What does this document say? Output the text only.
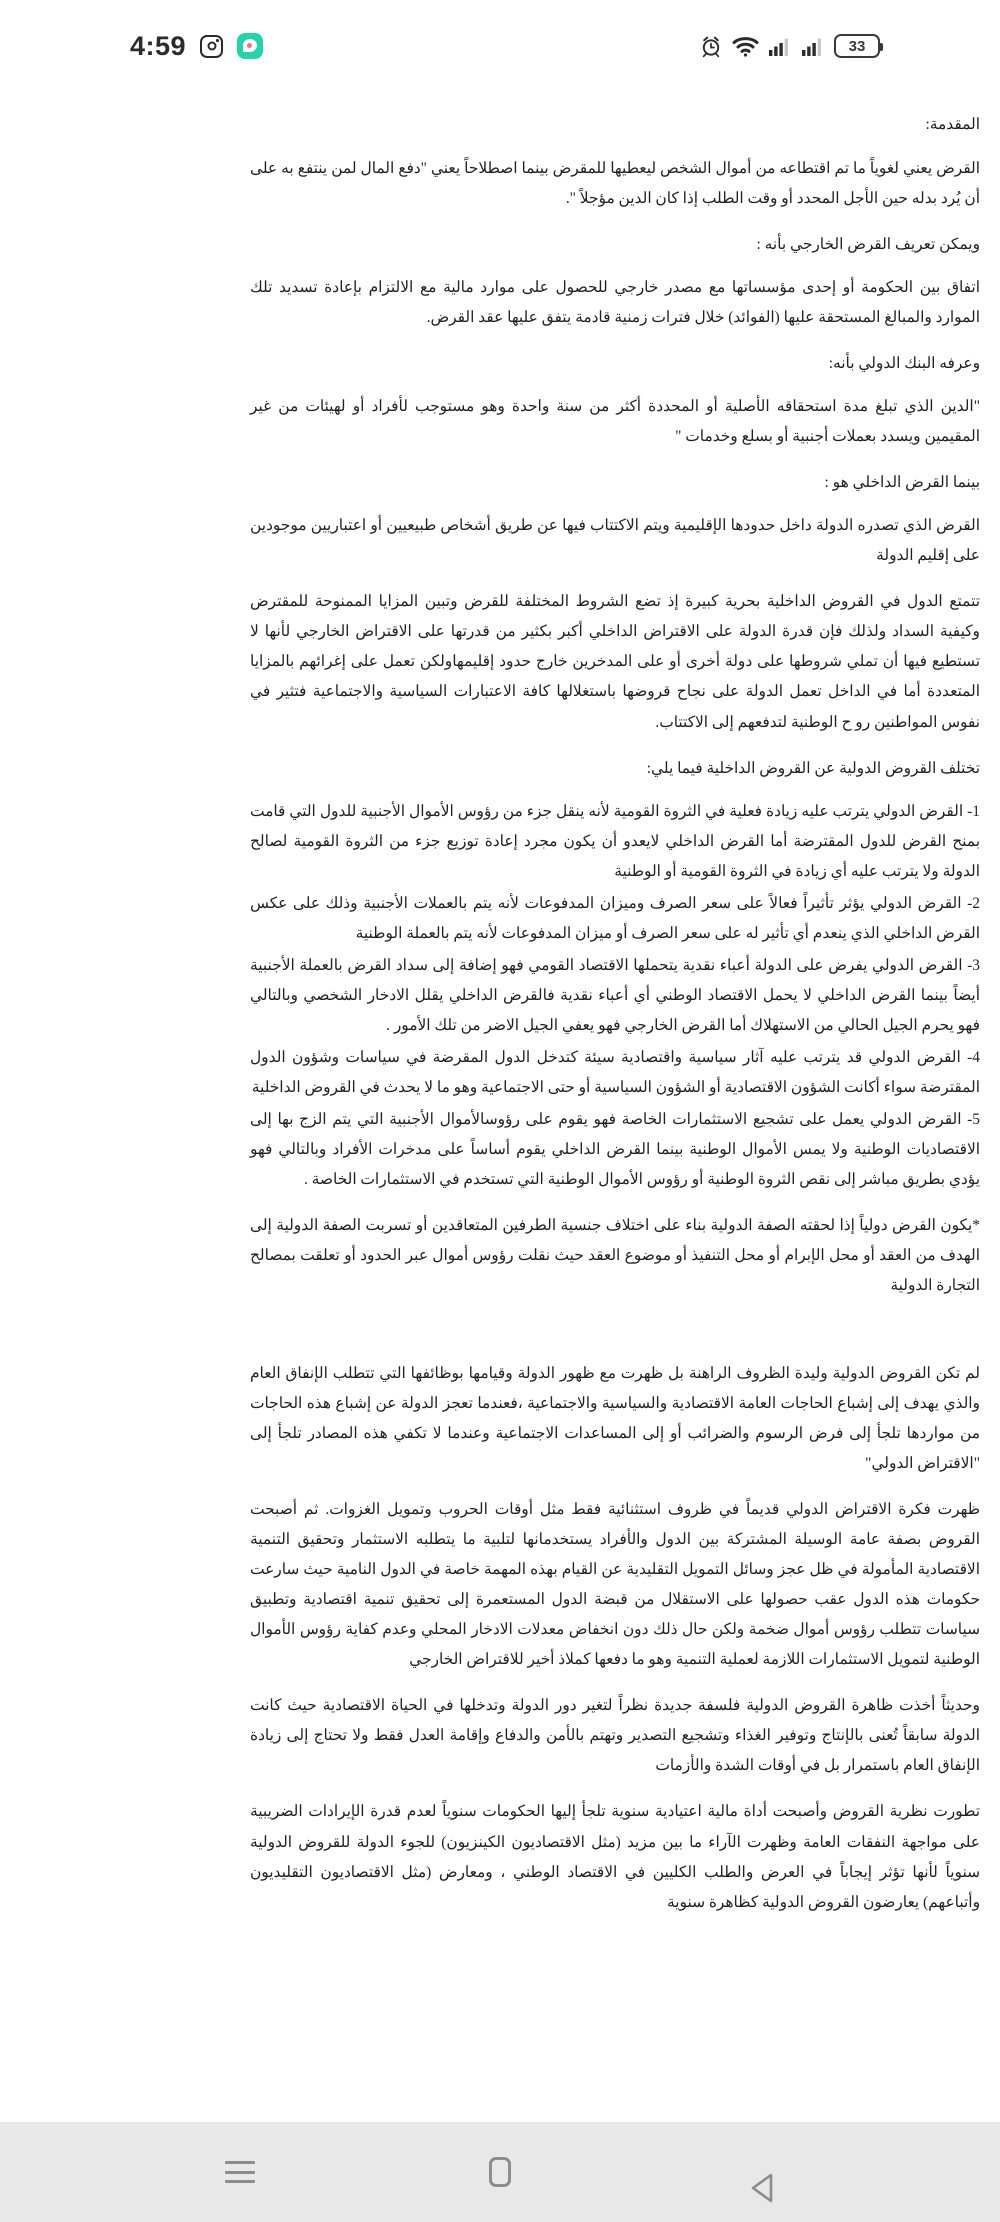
4:59	33

المقدمة:

القرض يعني لغوياً ما تم اقتطاعه من أموال الشخص ليعطيها للمقرض بينما اصطلاحاً يعني "دفع المال لمن ينتفع به على أن يُرد بدله حين الأجل المحدد أو وقت الطلب إذا كان الدين مؤجلاً ".

ويمكن تعريف القرض الخارجي بأنه :

اتفاق بين الحكومة أو إحدى مؤسساتها مع مصدر خارجي للحصول على موارد مالية مع الالتزام بإعادة تسديد تلك الموارد والمبالغ المستحقة عليها (الفوائد) خلال فترات زمنية قادمة يتفق عليها عقد القرض.

وعرفه البنك الدولي بأنه:

"الدين الذي تبلغ مدة استحقاقه الأصلية أو المحددة أكثر من سنة واحدة وهو مستوجب لأفراد أو لهيئات من غير المقيمين ويسدد بعملات أجنبية أو بسلع وخدمات "

بينما القرض الداخلي هو :

القرض الذي تصدره الدولة داخل حدودها الإقليمية ويتم الاكتتاب فيها عن طريق أشخاص طبيعيين أو اعتباريين موجودين على إقليم الدولة

تتمتع الدول في القروض الداخلية بحرية كبيرة إذ تضع الشروط المختلفة للقرض وتبين المزايا الممنوحة للمقترض وكيفية السداد ولذلك فإن قدرة الدولة على الاقتراض الداخلي أكبر بكثير من قدرتها على الاقتراض الخارجي لأنها لا تستطيع فيها أن تملي شروطها على دولة أخرى أو على المدخرين خارج حدود إقليمهاولكن تعمل على إغرائهم بالمزايا المتعددة أما في الداخل تعمل الدولة على نجاح قروضها باستغلالها كافة الاعتبارات السياسية والاجتماعية فتثير في نفوس المواطنين رو ح الوطنية لتدفعهم إلى الاكتتاب.

تختلف القروض الدولية عن القروض الداخلية فيما يلي:

1- القرض الدولي يترتب عليه زيادة فعلية في الثروة القومية لأنه ينقل جزء من رؤوس الأموال الأجنبية للدول التي قامت بمنح القرض للدول المقترضة أما القرض الداخلي لايعدو أن يكون مجرد إعادة توزيع جزء من الثروة القومية لصالح الدولة ولا يترتب عليه أي زيادة في الثروة القومية أو الوطنية
2- القرض الدولي يؤثر تأثيراً فعالاً على سعر الصرف وميزان المدفوعات لأنه يتم بالعملات الأجنبية وذلك على عكس القرض الداخلي الذي ينعدم أي تأثير له على سعر الصرف أو ميزان المدفوعات لأنه يتم بالعملة الوطنية
3- القرض الدولي يفرض على الدولة أعباء نقدية يتحملها الاقتصاد القومي فهو إضافة إلى سداد القرض بالعملة الأجنبية أيضاً بينما القرض الداخلي لا يحمل الاقتصاد الوطني أي أعباء نقدية فالقرض الداخلي يقلل الادخار الشخصي وبالتالي فهو يحرم الجيل الحالي من الاستهلاك أما القرض الخارجي فهو يعفي الجيل الاضر من تلك الأمور .
4- القرض الدولي قد يترتب عليه آثار سياسية واقتصادية سيئة كتدخل الدول المقرضة في سياسات وشؤون الدول المقترضة سواء أكانت الشؤون الاقتصادية أو الشؤون السياسية أو حتى الاجتماعية وهو ما لا يحدث في القروض الداخلية
5- القرض الدولي يعمل على تشجيع الاستثمارات الخاصة فهو يقوم على رؤوسالأموال الأجنبية التي يتم الزج بها إلى الاقتصاديات الوطنية ولا يمس الأموال الوطنية بينما القرض الداخلي يقوم أساساً على مدخرات الأفراد وبالتالي فهو يؤدي بطريق مباشر إلى نقص الثروة الوطنية أو رؤوس الأموال الوطنية التي تستخدم في الاستثمارات الخاصة .

*يكون القرض دولياً إذا لحقته الصفة الدولية بناء على اختلاف جنسية الطرفين المتعاقدين أو تسربت الصفة الدولية إلى الهدف من العقد أو محل الإبرام أو محل التنفيذ أو موضوع العقد حيث نقلت رؤوس أموال عبر الحدود أو تعلقت بمصالح التجارة الدولية

لم تكن القروض الدولية وليدة الظروف الراهنة بل ظهرت مع ظهور الدولة وقيامها بوظائفها التي تتطلب الإنفاق العام والذي يهدف إلى إشباع الحاجات العامة الاقتصادية والسياسية والاجتماعية ،فعندما تعجز الدولة عن إشباع هذه الحاجات من مواردها تلجأ إلى فرض الرسوم والضرائب أو إلى المساعدات الاجتماعية وعندما لا تكفي هذه المصادر تلجأ إلى "الاقتراض الدولي"

ظهرت فكرة الاقتراض الدولي قديماً في ظروف استثنائية فقط مثل أوقات الحروب وتمويل الغزوات. ثم أصبحت القروض بصفة عامة الوسيلة المشتركة بين الدول والأفراد يستخدمانها لتلبية ما يتطلبه الاستثمار وتحقيق التنمية الاقتصادية المأمولة في ظل عجز وسائل التمويل التقليدية عن القيام بهذه المهمة خاصة في الدول النامية حيث سارعت حكومات هذه الدول عقب حصولها على الاستقلال من قبضة الدول المستعمرة إلى تحقيق تنمية اقتصادية وتطبيق سياسات تتطلب رؤوس أموال ضخمة ولكن حال ذلك دون انخفاض معدلات الادخار المحلي وعدم كفاية رؤوس الأموال الوطنية لتمويل الاستثمارات اللازمة لعملية التنمية وهو ما دفعها كملاذ أخير للاقتراض الخارجي

وحديثاً أخذت ظاهرة القروض الدولية فلسفة جديدة نظراً لتغير دور الدولة وتدخلها في الحياة الاقتصادية حيث كانت الدولة سابقاً تُعنى بالإنتاج وتوفير الغذاء وتشجيع التصدير وتهتم بالأمن والدفاع وإقامة العدل فقط ولا تحتاج إلى زيادة الإنفاق العام باستمرار بل في أوقات الشدة والأزمات

تطورت نظرية القروض وأصبحت أداة مالية اعتيادية سنوية تلجأ إليها الحكومات سنوياً لعدم قدرة الإيرادات الضريبية على مواجهة النفقات العامة وظهرت الآراء ما بين مزيد (مثل الاقتصاديون الكينزيون) للجوء الدولة للقروض الدولية سنوياً لأنها تؤثر إيجاباً في العرض والطلب الكليين في الاقتصاد الوطني ، ومعارض (مثل الاقتصاديون التقليديون وأتباعهم) يعارضون القروض الدولية كظاهرة سنوية
